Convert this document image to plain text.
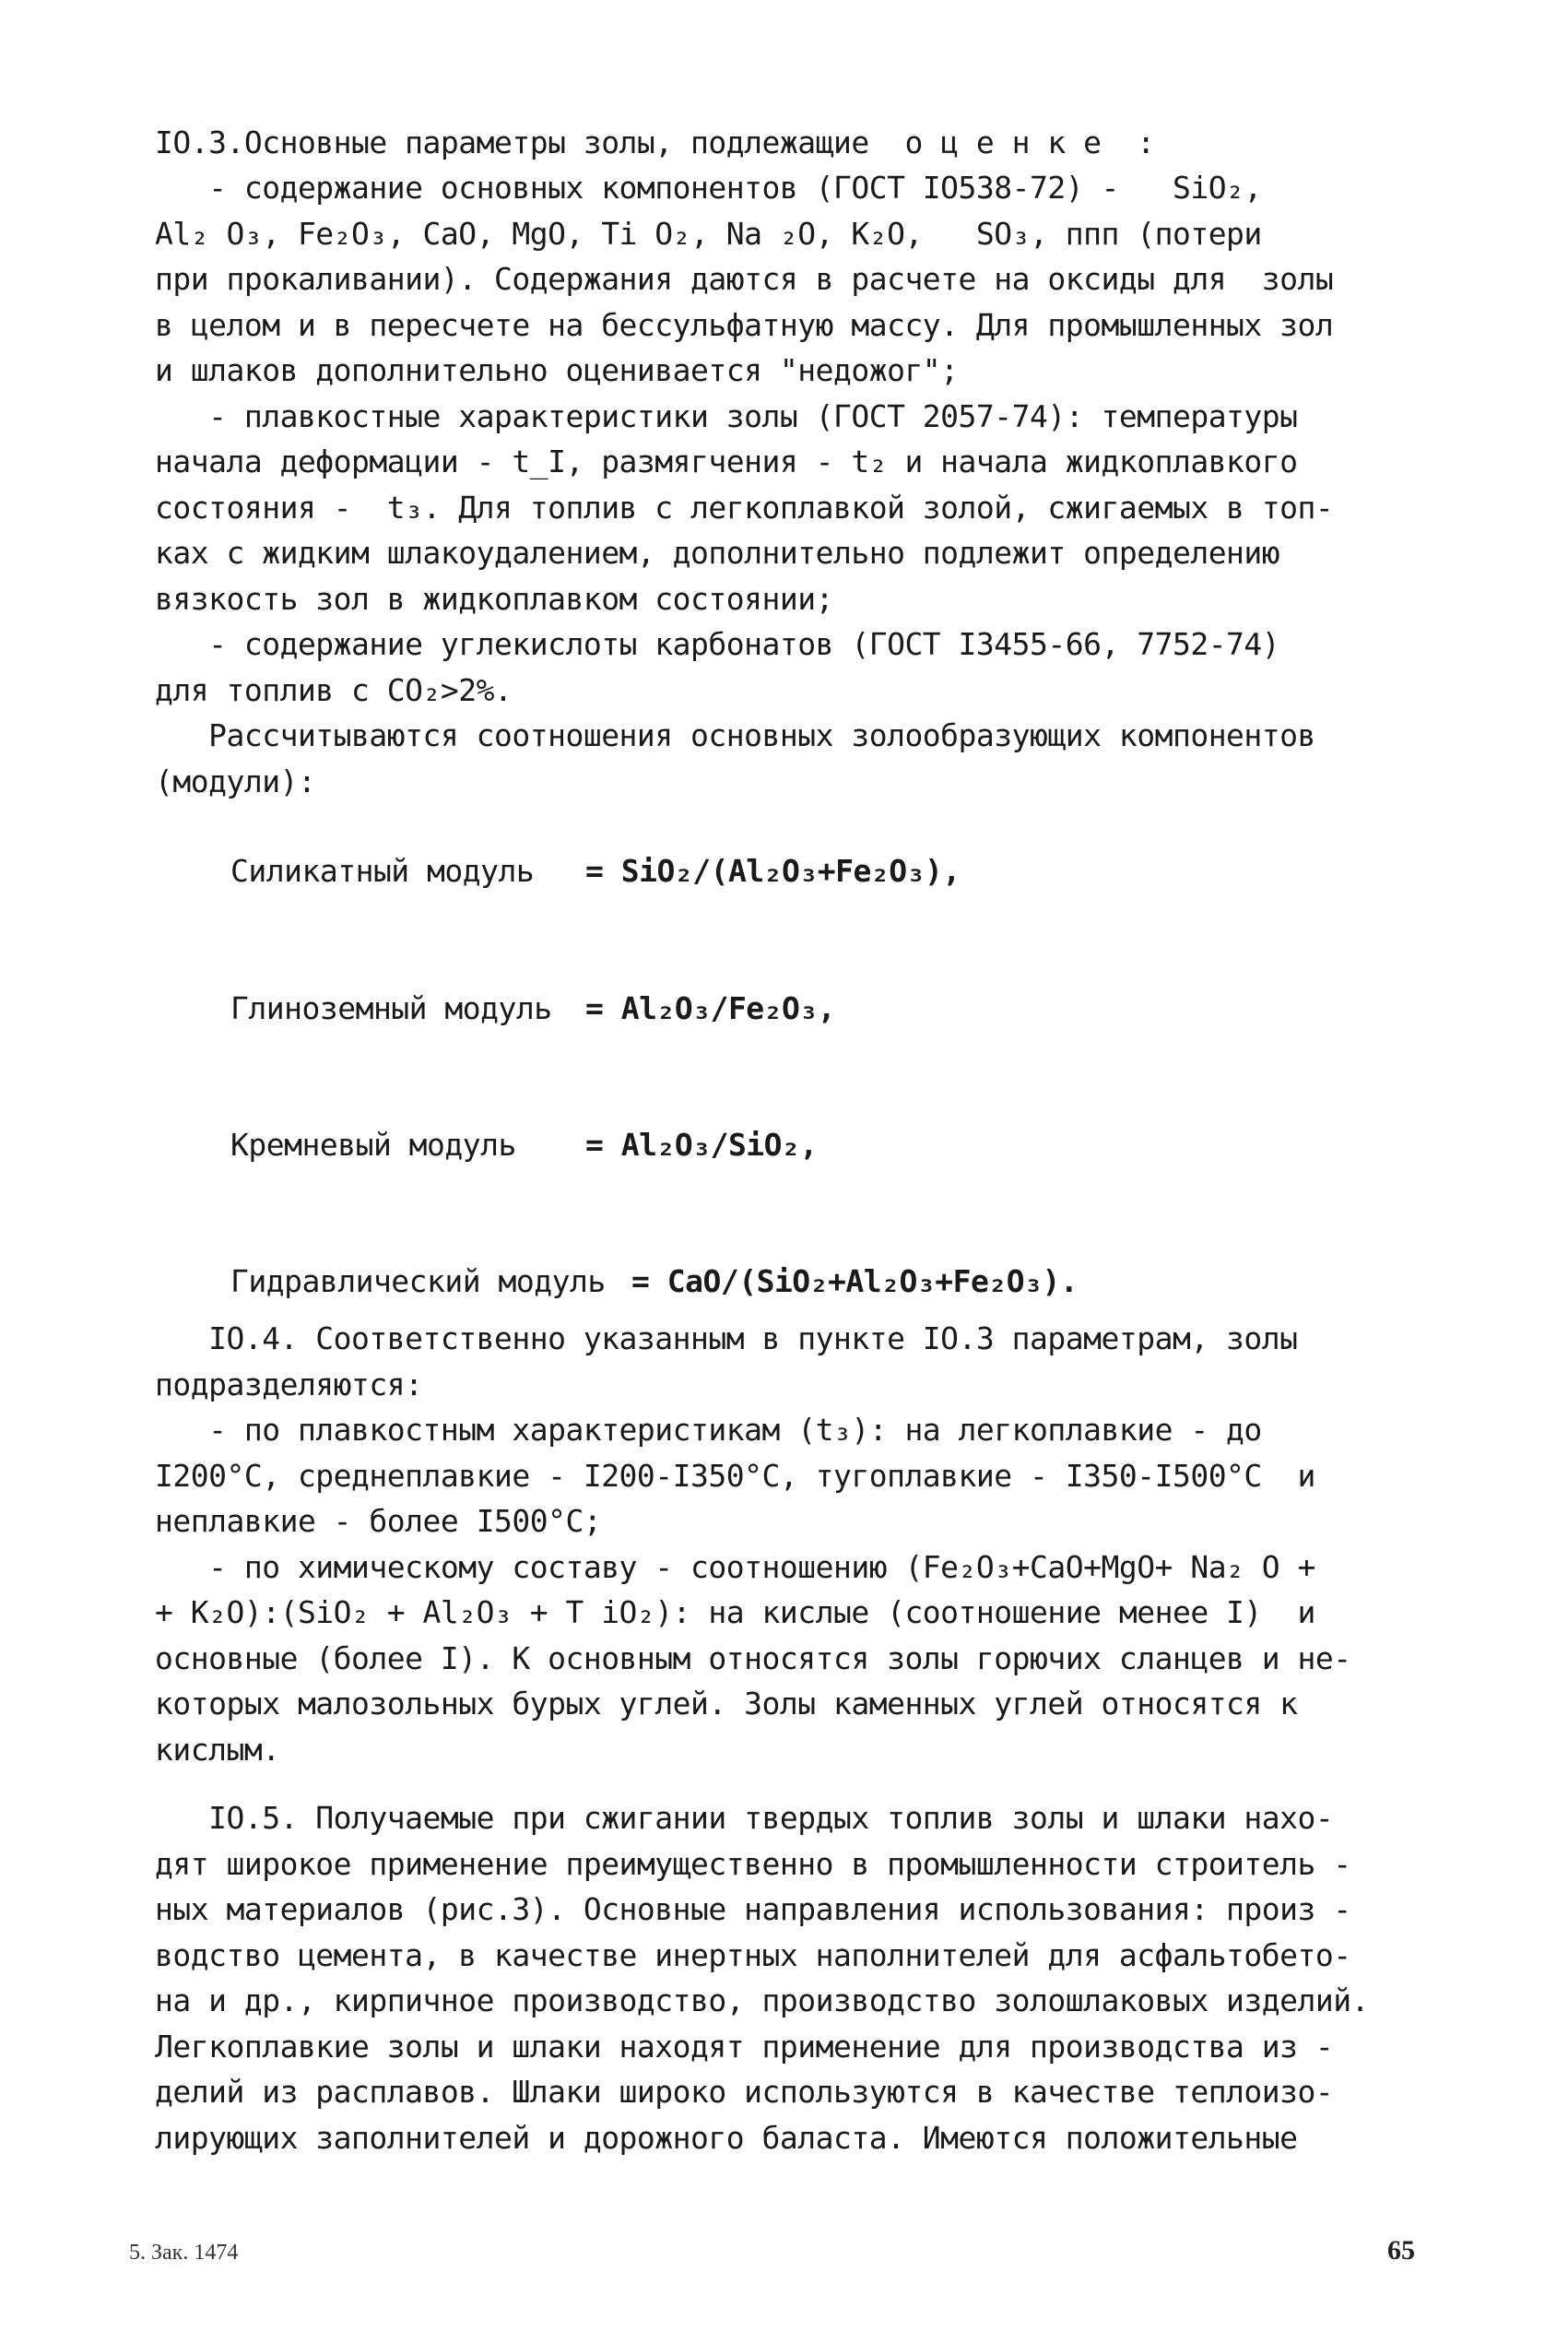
IO.3.Основные параметры золы, подлежащие  о ц е н к е  :
- содержание основных компонентов (ГОСТ IO538-72) -   SiO₂,
Al₂ O₃, Fe₂O₃, CaO, MgO, Ti O₂, Na ₂O, K₂O,   SO₃, ппп (потери
при прокаливании). Содержания даются в расчете на оксиды для  золы
в целом и в пересчете на бессульфатную массу. Для промышленных зол
и шлаков дополнительно оценивается "недожог";
- плавкостные характеристики золы (ГОСТ 2057-74): температуры
начала деформации - t_I, размягчения - t₂ и начала жидкоплавкого
состояния -  t₃. Для топлив с легкоплавкой золой, сжигаемых в топ-
ках с жидким шлакоудалением, дополнительно подлежит определению
вязкость зол в жидкоплавком состоянии;
- содержание углекислоты карбонатов (ГОСТ I3455-66, 7752-74)
для топлив с CO₂>2%.
Рассчитываются соотношения основных золообразующих компонентов
(модули):
Силикатный модуль	= SiO₂/(Al₂O₃+Fe₂O₃),
Глиноземный модуль	= Al₂O₃/Fe₂O₃,
Кремневый модуль	= Al₂O₃/SiO₂,
Гидравлический модуль = CaO/(SiO₂+Al₂O₃+Fe₂O₃).
IO.4. Соответственно указанным в пункте IO.3 параметрам, золы
подразделяются:
- по плавкостным характеристикам (t₃): на легкоплавкие - до
I200°C, среднеплавкие - I200-I350°C, тугоплавкие - I350-I500°C  и
неплавкие - более I500°C;
- по химическому составу - соотношению (Fe₂O₃+CaO+MgO+ Na₂ O +
+ K₂O):(SiO₂ + Al₂O₃ + T iO₂): на кислые (соотношение менее I)  и
основные (более I). К основным относятся золы горючих сланцев и не-
которых малозольных бурых углей. Золы каменных углей относятся к
кислым.
IO.5. Получаемые при сжигании твердых топлив золы и шлаки нахо-
дят широкое применение преимущественно в промышленности строитель -
ных материалов (рис.3). Основные направления использования: произ -
водство цемента, в качестве инертных наполнителей для асфальтобето-
на и др., кирпичное производство, производство золошлаковых изделий.
Легкоплавкие золы и шлаки находят применение для производства из -
делий из расплавов. Шлаки широко используются в качестве теплоизо-
лирующих заполнителей и дорожного баласта. Имеются положительные
5. Зак. 1474	65
